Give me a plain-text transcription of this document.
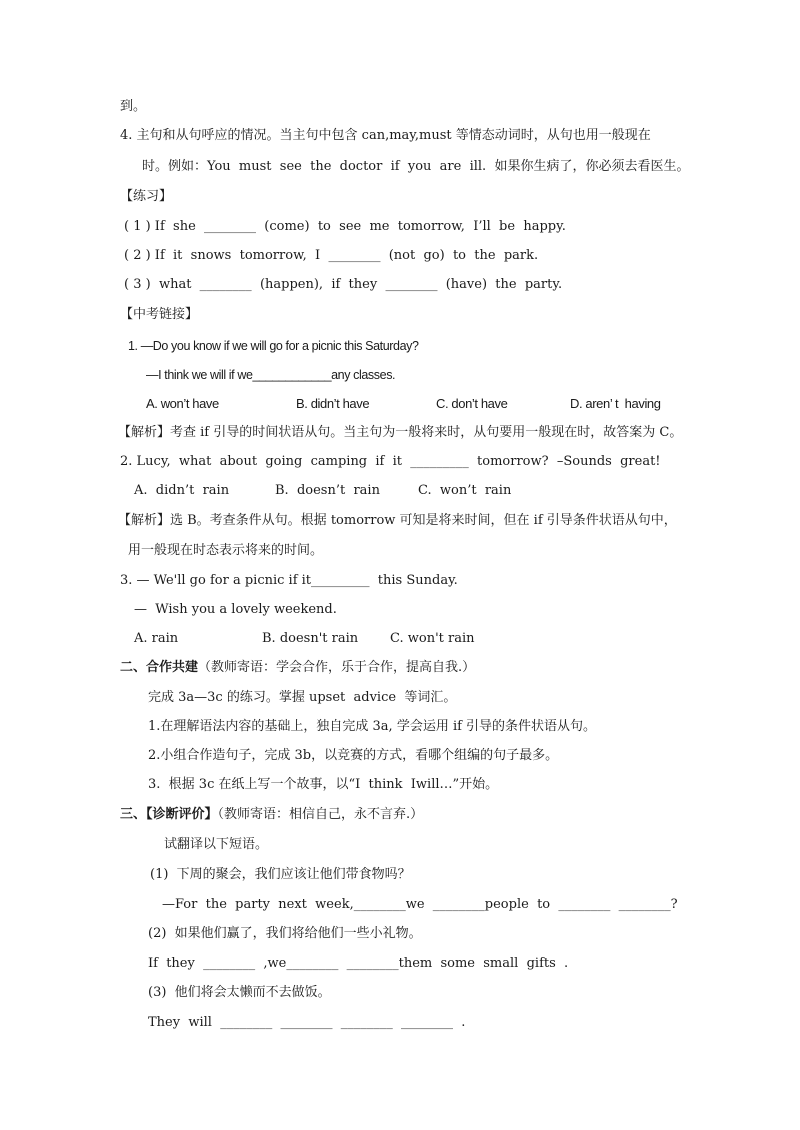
到。
4. 主句和从句呼应的情况。当主句中包含 can,may,must 等情态动词时，从句也用一般现在
时。例如：You  must  see  the  doctor  if  you  are  ill.  如果你生病了，你必须去看医生。
【练习】
( 1 ) If  she  ________  (come)  to  see  me  tomorrow,  I’ll  be  happy.
( 2 ) If  it  snows  tomorrow,  I  ________  (not  go)  to  the  park.
( 3 )  what  ________  (happen),  if  they  ________  (have)  the  party.
【中考链接】
1. —Do you know if we will go for a picnic this Saturday?
—I think we will if we____________any classes.
A. won’t have	B. didn’t have	C. don’t have	D. aren’ t  having
【解析】考查 if 引导的时间状语从句。当主句为一般将来时，从句要用一般现在时，故答案为 C。
2. Lucy,  what  about  going  camping  if  it  _________  tomorrow?  –Sounds  great!
A.  didn’t  rain	B.  doesn’t  rain	C.  won’t  rain
【解析】选 B。考查条件从句。根据 tomorrow 可知是将来时间，但在 if 引导条件状语从句中，
用一般现在时态表示将来的时间。
3. — We'll go for a picnic if it_________  this Sunday.
—  Wish you a lovely weekend.
A. rain	B. doesn't rain C. won't rain
二、合作共建（教师寄语：学会合作，乐于合作，提高自我.）
完成 3a—3c 的练习。掌握 upset  advice  等词汇。
1.在理解语法内容的基础上，独自完成 3a, 学会运用 if 引导的条件状语从句。
2.小组合作造句子，完成 3b，以竞赛的方式，看哪个组编的句子最多。
3.  根据 3c 在纸上写一个故事，以“I  think  Iwill…”开始。
三、【诊断评价】（教师寄语：相信自己，永不言弃.）
试翻译以下短语。
(1)  下周的聚会，我们应该让他们带食物吗？
—For  the  party  next  week,________we  ________people  to  ________  ________?
(2)  如果他们赢了，我们将给他们一些小礼物。
If  they  ________  ,we________  ________them  some  small  gifts  .
(3)  他们将会太懒而不去做饭。
They  will  ________  ________  ________  ________  .
